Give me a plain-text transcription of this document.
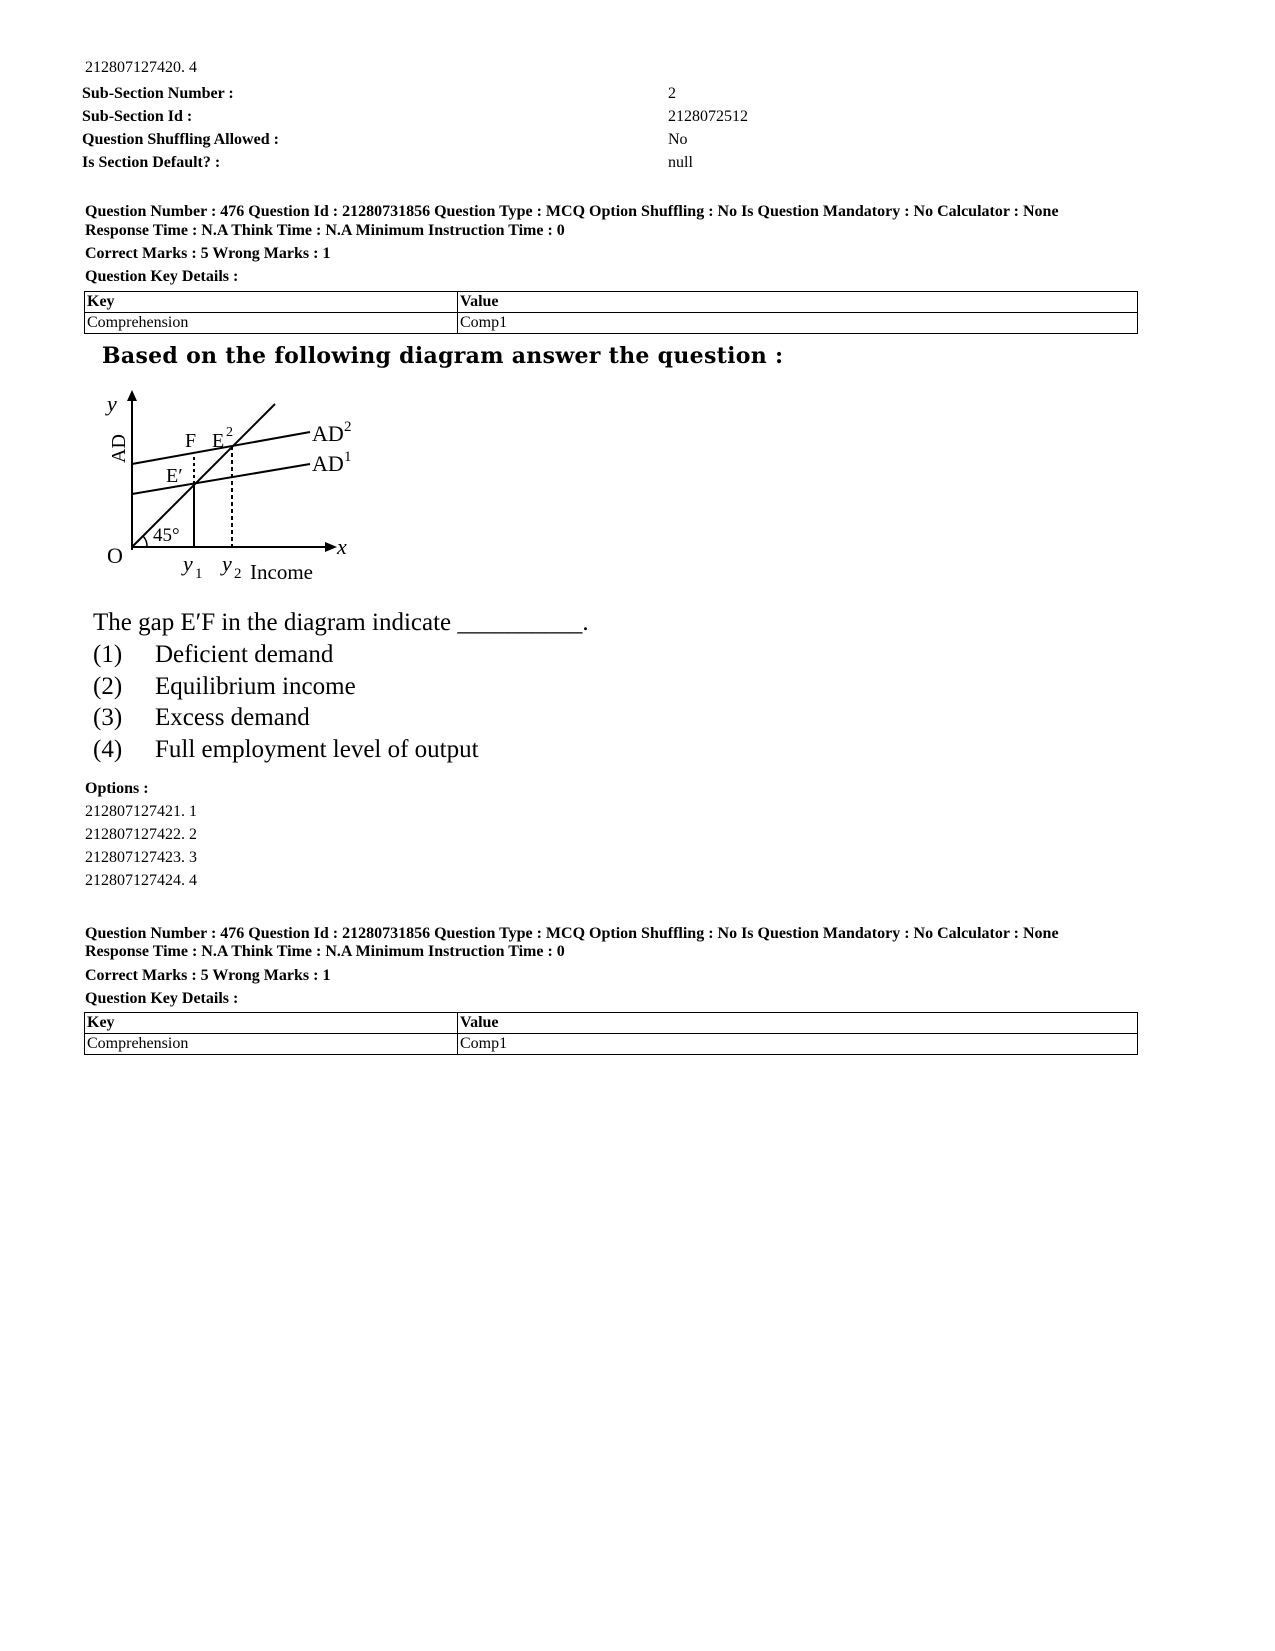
212807127420. 4
Sub-Section Number :	2
Sub-Section Id :	2128072512
Question Shuffling Allowed :	No
Is Section Default? :	null
Question Number : 476 Question Id : 21280731856 Question Type : MCQ Option Shuffling : No Is Question Mandatory : No Calculator : None
Response Time : N.A Think Time : N.A Minimum Instruction Time : 0
Correct Marks : 5 Wrong Marks : 1
Question Key Details :
Key	Value
Comprehension	Comp1
Based on the following diagram answer the question :
y
AD
O	x
45°
F E 2
E′
AD 2
AD 1
y 1 y 2 Income
The gap E′F in the diagram indicate __________.
(1) Deficient demand
(2) Equilibrium income
(3) Excess demand
(4) Full employment level of output
Options :
212807127421. 1
212807127422. 2
212807127423. 3
212807127424. 4
Question Number : 476 Question Id : 21280731856 Question Type : MCQ Option Shuffling : No Is Question Mandatory : No Calculator : None
Response Time : N.A Think Time : N.A Minimum Instruction Time : 0
Correct Marks : 5 Wrong Marks : 1
Question Key Details :
Key	Value
Comprehension	Comp1
